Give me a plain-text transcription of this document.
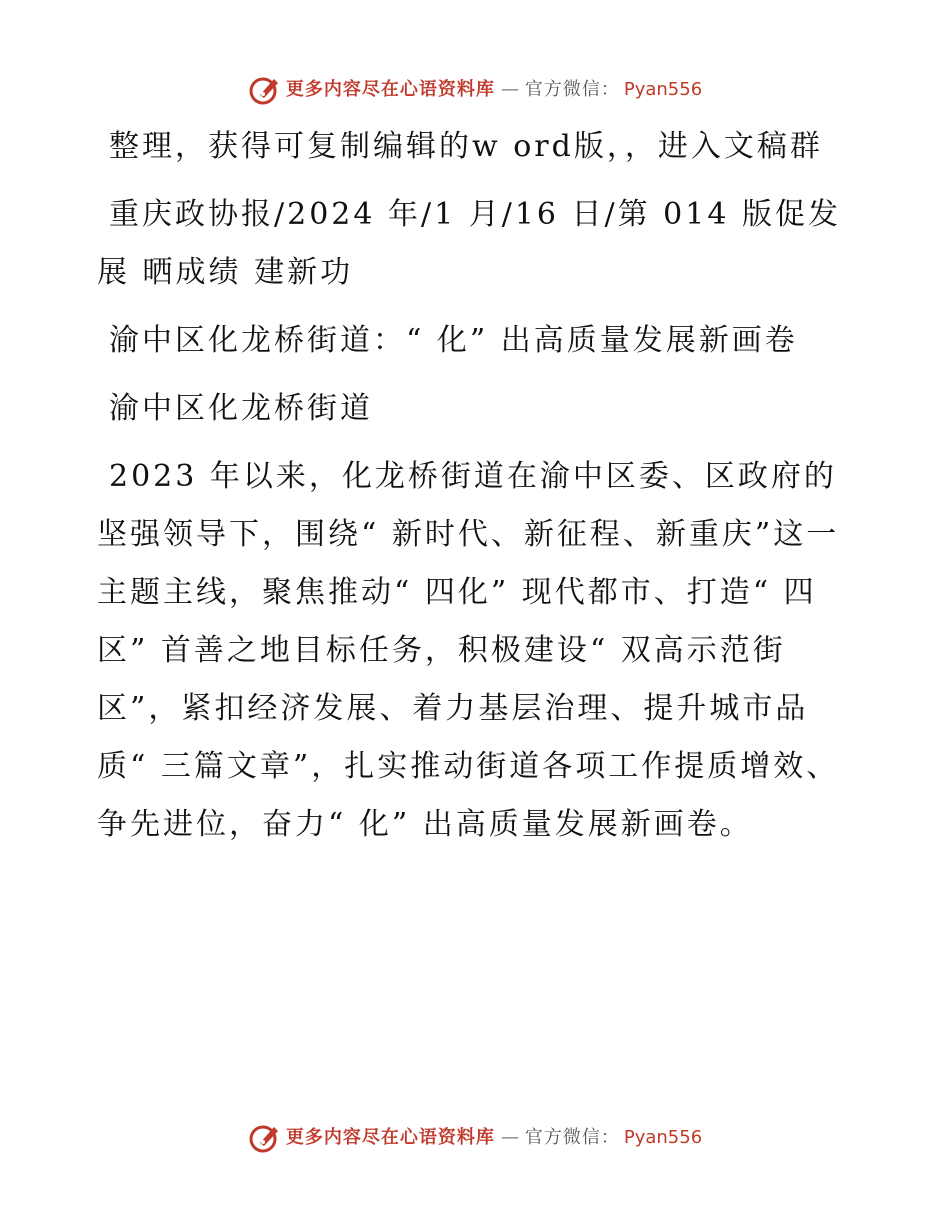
更多内容尽在心语资料库 — 官方微信： Pyan556

整理，获得可复制编辑的w ord版，，进入文稿群

重庆政协报/2024 年/1 月/16 日/第 014 版促发展 晒成绩 建新功

渝中区化龙桥街道：“ 化” 出高质量发展新画卷

渝中区化龙桥街道

2023 年以来，化龙桥街道在渝中区委、区政府的坚强领导下，围绕“ 新时代、新征程、新重庆”这一主题主线，聚焦推动“ 四化” 现代都市、打造“ 四区” 首善之地目标任务，积极建设“ 双高示范街区”，紧扣经济发展、着力基层治理、提升城市品质“ 三篇文章”，扎实推动街道各项工作提质增效、争先进位，奋力“ 化” 出高质量发展新画卷。

更多内容尽在心语资料库 — 官方微信： Pyan556
